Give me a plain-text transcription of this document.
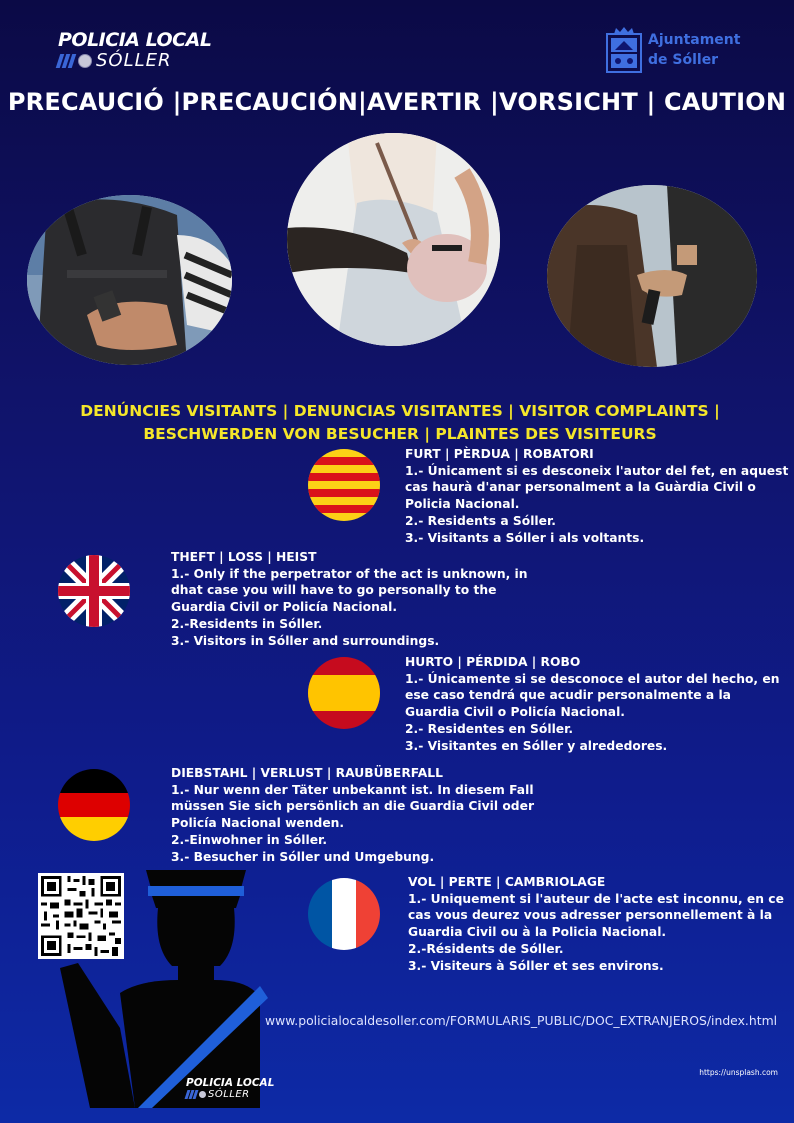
POLICIA LOCAL
SÓLLER
Ajuntament
de Sóller
PRECAUCIÓ |PRECAUCIÓN|AVERTIR |VORSICHT | CAUTION
DENÚNCIES VISITANTS | DENUNCIAS VISITANTES | VISITOR COMPLAINTS |
BESCHWERDEN VON BESUCHER | PLAINTES DES VISITEURS
FURT | PÈRDUA | ROBATORI
1.- Únicament si es desconeix l'autor del fet, en aquest
cas haurà d'anar personalment a la Guàrdia Civil o
Policia Nacional.
2.- Residents a Sóller.
3.- Visitants a Sóller i als voltants.
THEFT | LOSS | HEIST
1.- Only if the perpetrator of the act is unknown, in
dhat case you will have to go personally to the
Guardia Civil or Policía Nacional.
2.-Residents in Sóller.
3.- Visitors in Sóller and surroundings.
HURTO | PÉRDIDA | ROBO
1.- Únicamente si se desconoce el autor del hecho, en
ese caso tendrá que acudir personalmente a la
Guardia Civil o Policía Nacional.
2.- Residentes en Sóller.
3.- Visitantes en Sóller y alrededores.
DIEBSTAHL | VERLUST | RAUBÜBERFALL
1.- Nur wenn der Täter unbekannt ist. In diesem Fall
müssen Sie sich persönlich an die Guardia Civil oder
Policía Nacional wenden.
2.-Einwohner in Sóller.
3.- Besucher in Sóller und Umgebung.
VOL | PERTE | CAMBRIOLAGE
1.- Uniquement si l'auteur de l'acte est inconnu, en ce
cas vous deurez vous adresser personnellement à la
Guardia Civil ou à la Policia Nacional.
2.-Résidents de Sóller.
3.- Visiteurs à Sóller et ses environs.
POLICIA LOCAL
SÓLLER
www.policialocaldesoller.com/FORMULARIS_PUBLIC/DOC_EXTRANJEROS/index.html
https://unsplash.com
